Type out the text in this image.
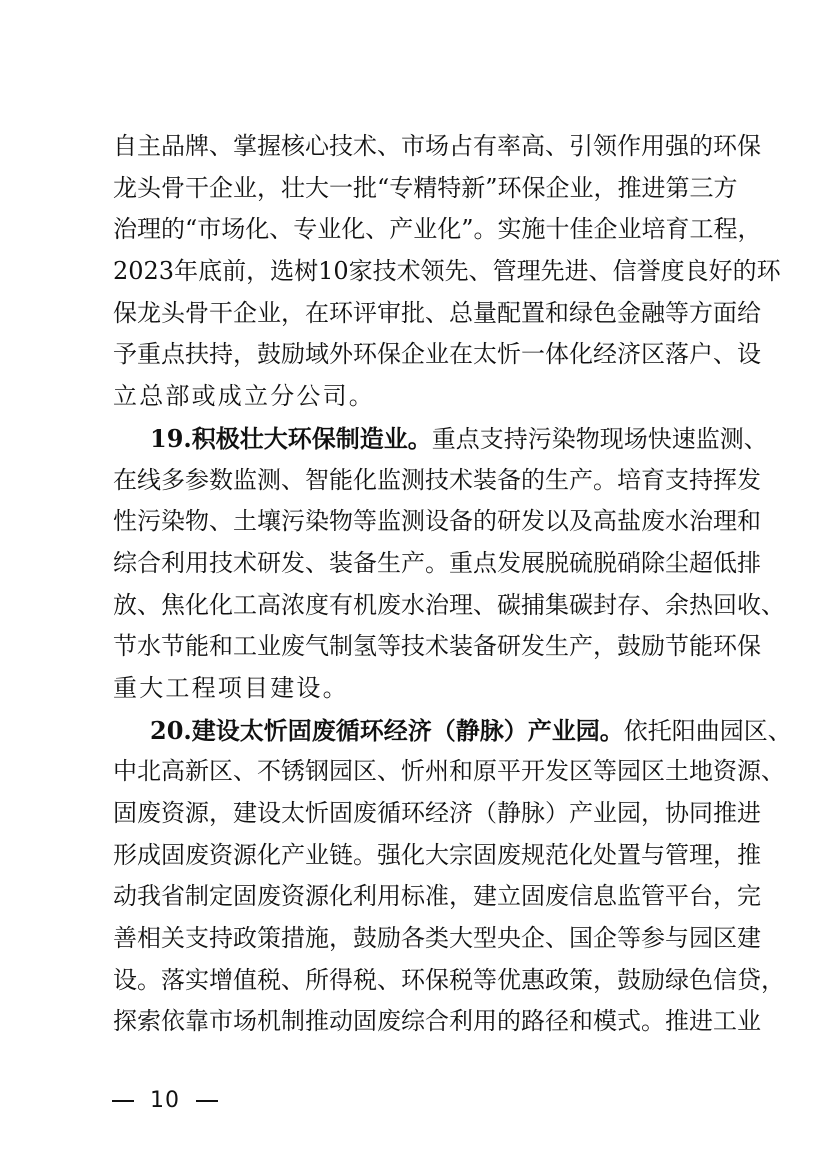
自主品牌、掌握核心技术、市场占有率高、引领作用强的环保
龙头骨干企业，壮大一批“专精特新”环保企业，推进第三方
治理的“市场化、专业化、产业化”。实施十佳企业培育工程，
2023年底前，选树10家技术领先、管理先进、信誉度良好的环
保龙头骨干企业，在环评审批、总量配置和绿色金融等方面给
予重点扶持，鼓励域外环保企业在太忻一体化经济区落户、设
立总部或成立分公司。
19.积极壮大环保制造业。重点支持污染物现场快速监测、
在线多参数监测、智能化监测技术装备的生产。培育支持挥发
性污染物、土壤污染物等监测设备的研发以及高盐废水治理和
综合利用技术研发、装备生产。重点发展脱硫脱硝除尘超低排
放、焦化化工高浓度有机废水治理、碳捕集碳封存、余热回收、
节水节能和工业废气制氢等技术装备研发生产，鼓励节能环保
重大工程项目建设。
20.建设太忻固废循环经济（静脉）产业园。依托阳曲园区、
中北高新区、不锈钢园区、忻州和原平开发区等园区土地资源、
固废资源，建设太忻固废循环经济（静脉）产业园，协同推进
形成固废资源化产业链。强化大宗固废规范化处置与管理，推
动我省制定固废资源化利用标准，建立固废信息监管平台，完
善相关支持政策措施，鼓励各类大型央企、国企等参与园区建
设。落实增值税、所得税、环保税等优惠政策，鼓励绿色信贷，
探索依靠市场机制推动固废综合利用的路径和模式。推进工业
10
